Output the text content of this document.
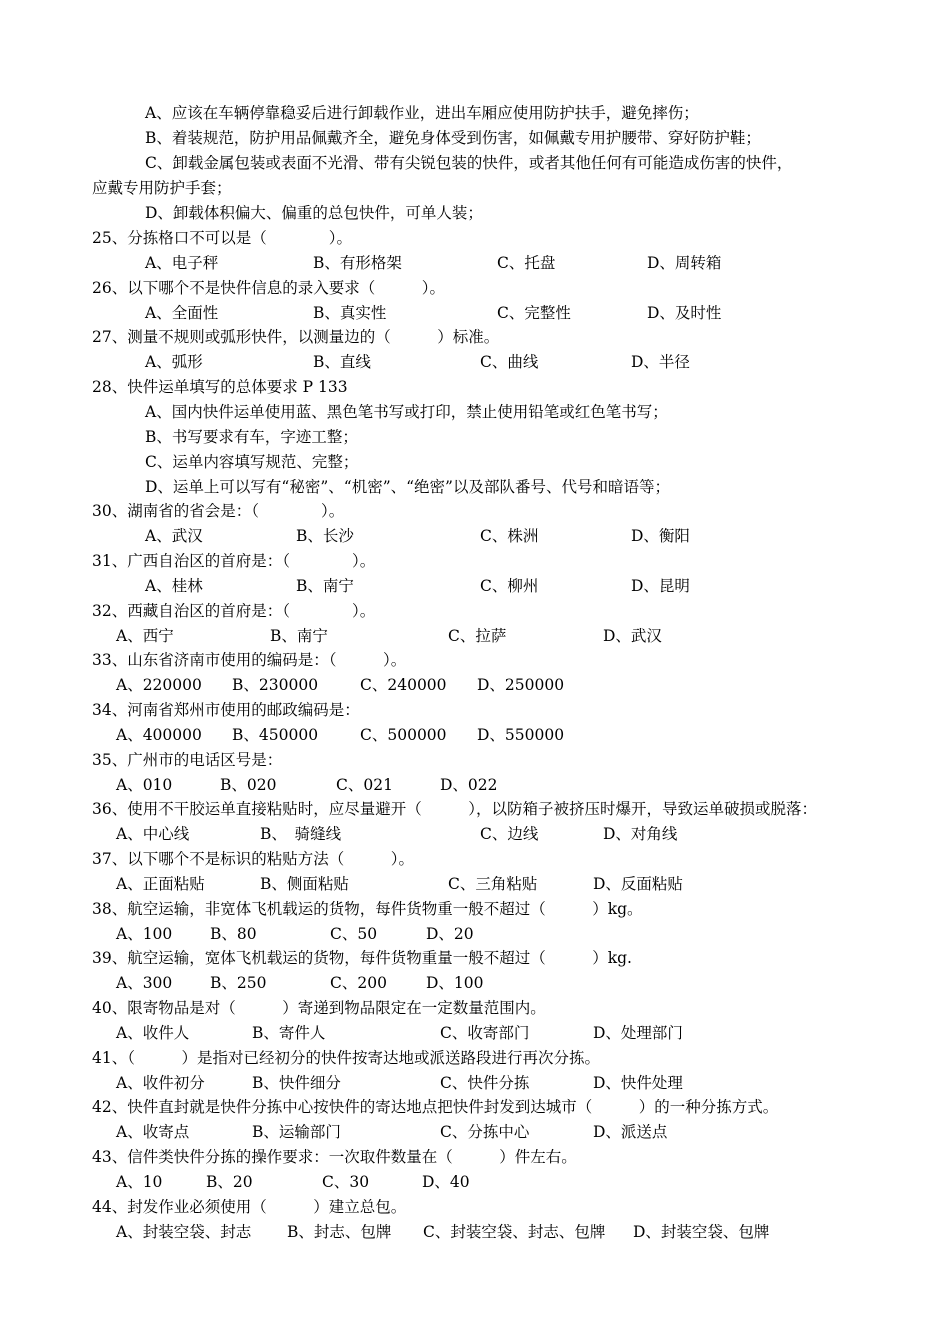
A、应该在车辆停靠稳妥后进行卸载作业，进出车厢应使用防护扶手，避免摔伤；
B、着装规范，防护用品佩戴齐全，避免身体受到伤害，如佩戴专用护腰带、穿好防护鞋；
C、卸载金属包装或表面不光滑、带有尖锐包装的快件，或者其他任何有可能造成伤害的快件，
应戴专用防护手套；
D、卸载体积偏大、偏重的总包快件，可单人装；
25、分拣格口不可以是（　　　　）。
A、电子秤	B、有形格架	C、托盘	D、周转箱
26、以下哪个不是快件信息的录入要求（　　　）。
A、全面性	B、真实性	C、完整性	D、及时性
27、测量不规则或弧形快件，以测量边的（　　　）标准。
A、弧形	B、直线	C、曲线	D、半径
28、快件运单填写的总体要求 P 133
A、国内快件运单使用蓝、黑色笔书写或打印，禁止使用铅笔或红色笔书写；
B、书写要求有车，字迹工整；
C、运单内容填写规范、完整；
D、运单上可以写有“秘密”、“机密”、“绝密”以及部队番号、代号和暗语等；
30、湖南省的省会是：（　　　　）。
A、武汉	B、长沙	C、株洲	D、衡阳
31、广西自治区的首府是：（　　　　）。
A、桂林	B、南宁	C、柳州	D、昆明
32、西藏自治区的首府是：（　　　　）。
A、西宁	B、南宁	C、拉萨	D、武汉
33、山东省济南市使用的编码是：（　　　）。
A、220000 B、230000	C、240000 D、250000
34、河南省郑州市使用的邮政编码是：
A、400000 B、450000	C、500000 D、550000
35、广州市的电话区号是：
A、010	B、020	C、021	D、022
36、使用不干胶运单直接粘贴时，应尽量避开（　　　），以防箱子被挤压时爆开，导致运单破损或脱落：
A、中心线	B、　骑缝线	C、边线	D、对角线
37、以下哪个不是标识的粘贴方法（　　　）。
A、正面粘贴	B、侧面粘贴	C、三角粘贴	D、反面粘贴
38、航空运输，非宽体飞机载运的货物，每件货物重一般不超过（　　　）kg。
A、100 B、80	C、50	D、20
39、航空运输，宽体飞机载运的货物，每件货物重量一般不超过（　　　）kg.
A、300 B、250	C、200	D、100
40、限寄物品是对（　　　）寄递到物品限定在一定数量范围内。
A、收件人	B、寄件人	C、收寄部门	D、处理部门
41、（　　　）是指对已经初分的快件按寄达地或派送路段进行再次分拣。
A、收件初分	B、快件细分	C、快件分拣	D、快件处理
42、快件直封就是快件分拣中心按快件的寄达地点把快件封发到达城市（　　　）的一种分拣方式。
A、收寄点	B、运输部门	C、分拣中心	D、派送点
43、信件类快件分拣的操作要求：一次取件数量在（　　　）件左右。
A、10	B、20	C、30	D、40
44、封发作业必须使用（　　　）建立总包。
A、封装空袋、封志 B、封志、包牌 C、封装空袋、封志、包牌 D、封装空袋、包牌
